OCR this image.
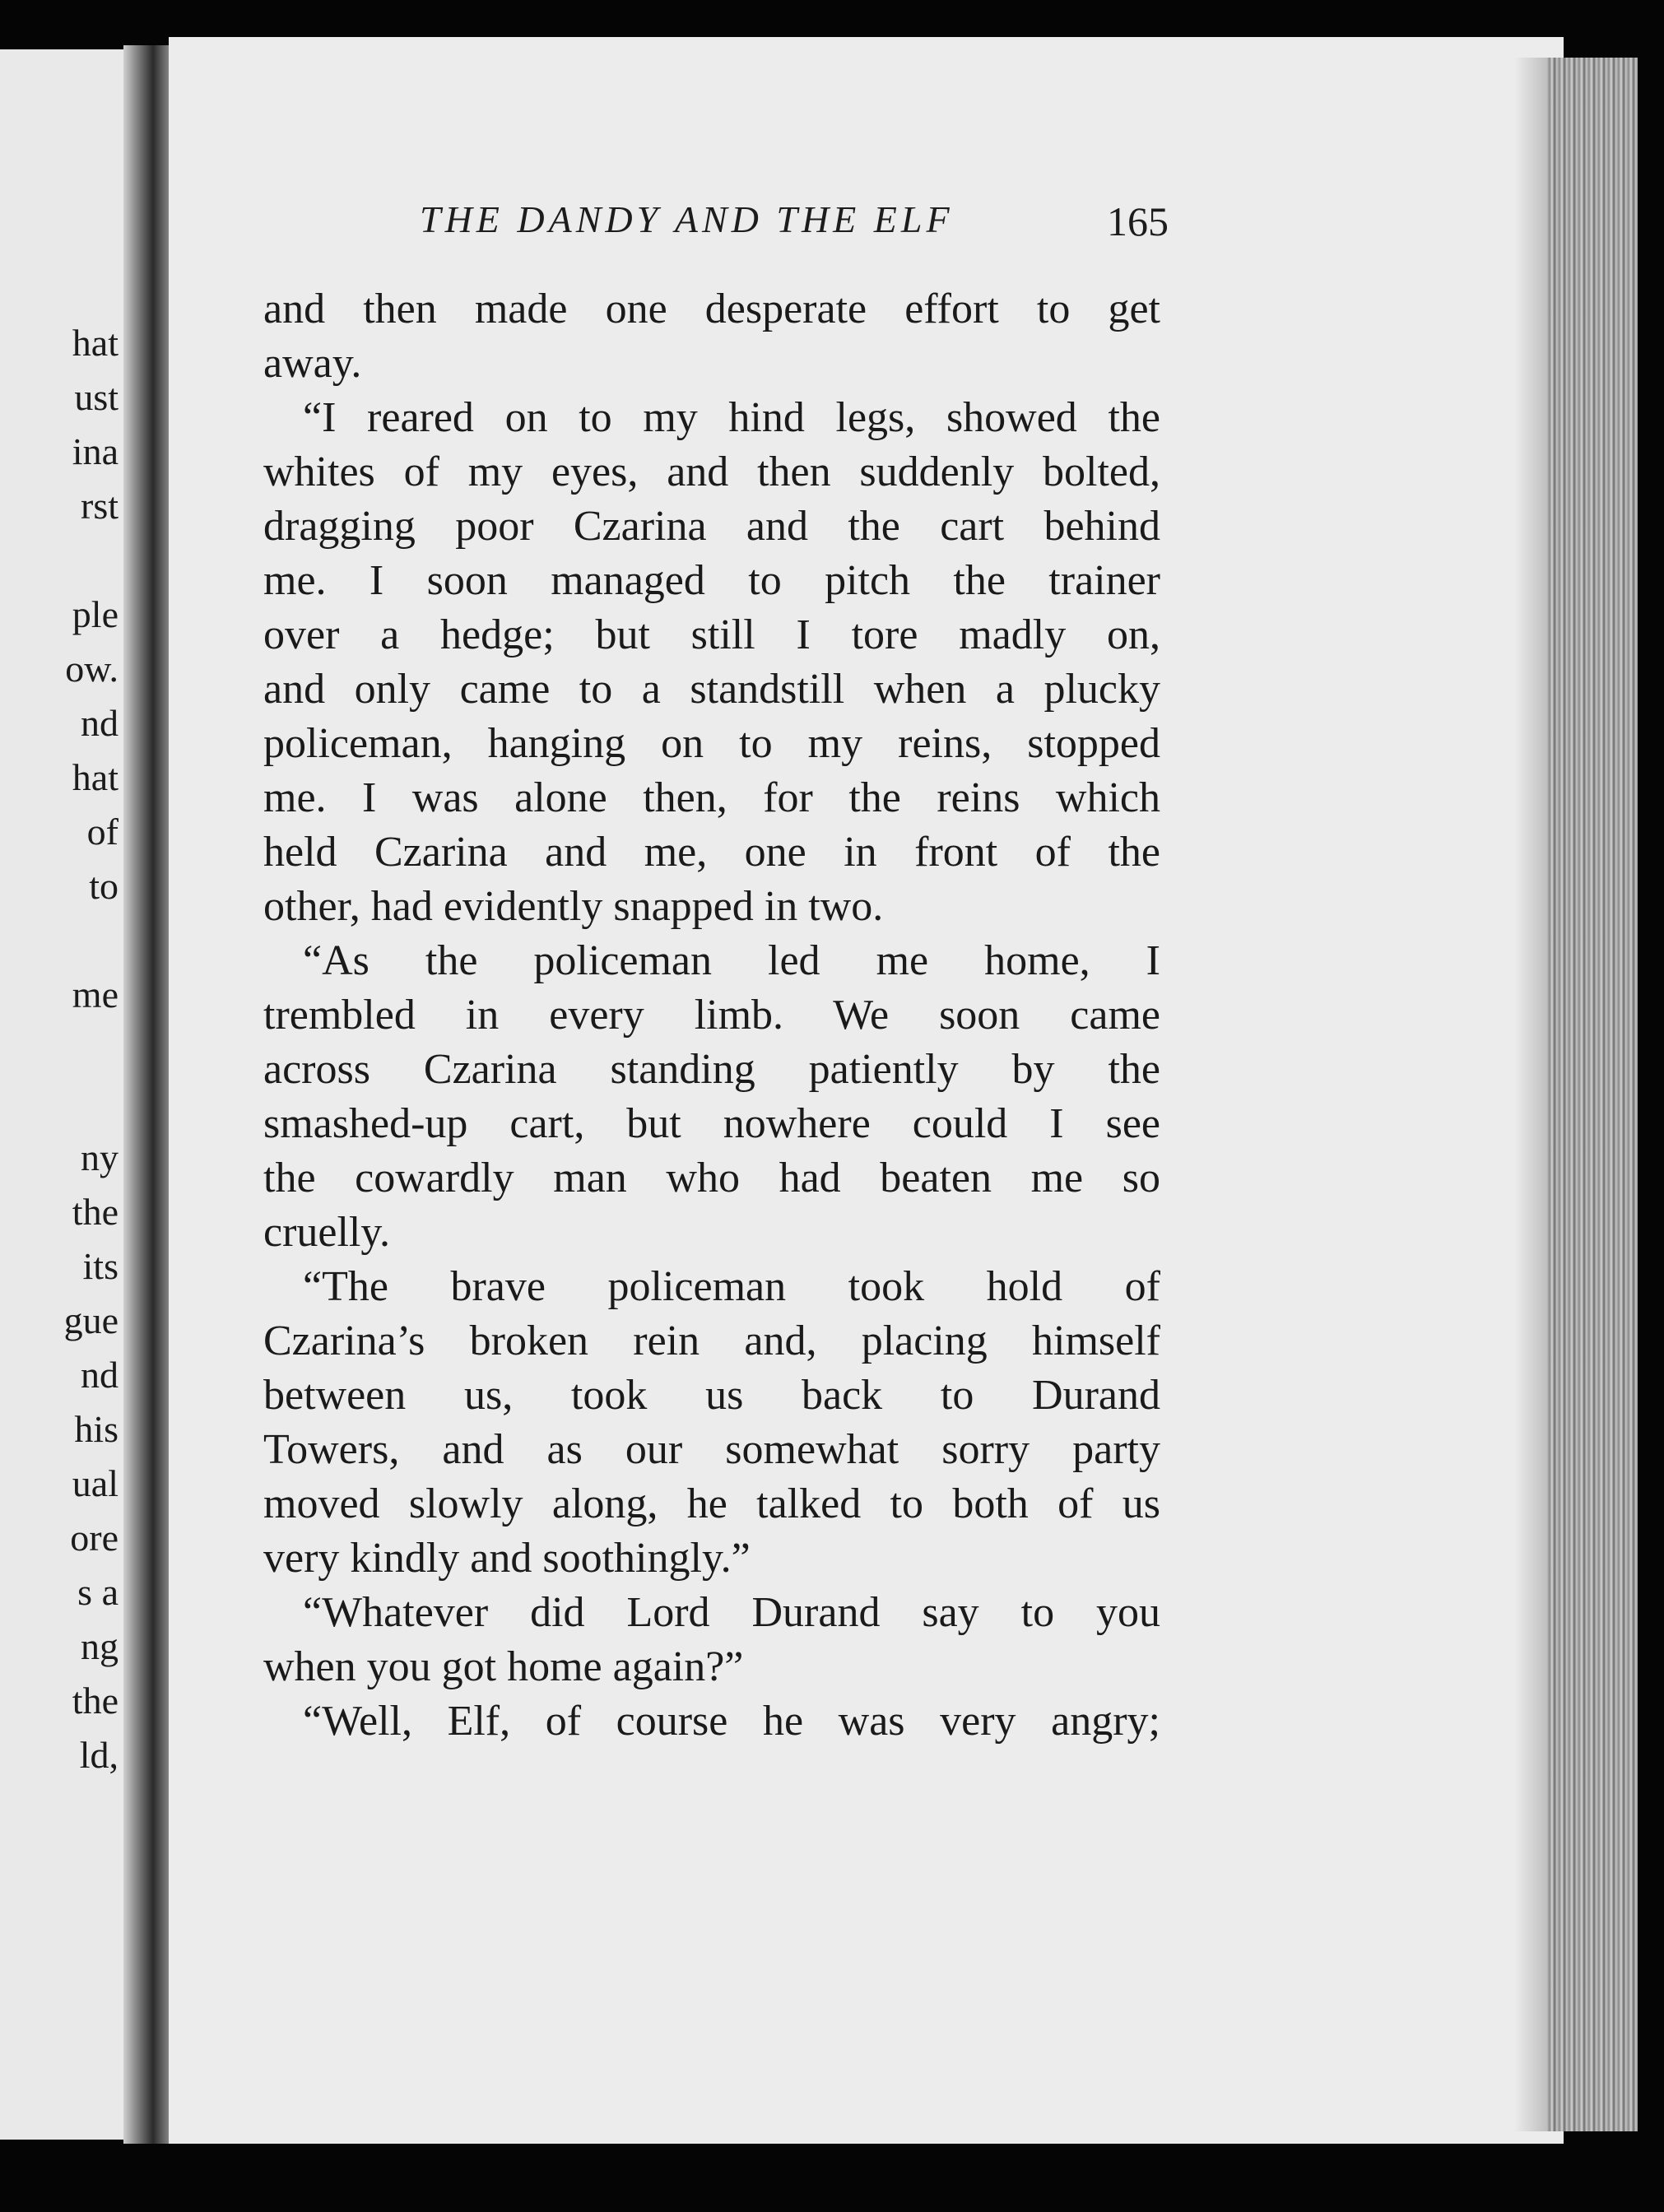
hat
ust
ina
rst
ple
ow.
nd
hat
of
to
me
ny
the
its
gue
nd
his
ual
ore
s a
ng
the
ld,
THE DANDY AND THE ELF	165
and then made one desperate effort to get
away.
“I reared on to my hind legs, showed the
whites of my eyes, and then suddenly bolted,
dragging poor Czarina and the cart behind
me. I soon managed to pitch the trainer
over a hedge; but still I tore madly on,
and only came to a standstill when a plucky
policeman, hanging on to my reins, stopped
me. I was alone then, for the reins which
held Czarina and me, one in front of the
other, had evidently snapped in two.
“As the policeman led me home, I
trembled in every limb. We soon came
across Czarina standing patiently by the
smashed-up cart, but nowhere could I see
the cowardly man who had beaten me so
cruelly.
“The brave policeman took hold of
Czarina’s broken rein and, placing himself
between us, took us back to Durand
Towers, and as our somewhat sorry party
moved slowly along, he talked to both of us
very kindly and soothingly.”
“Whatever did Lord Durand say to you
when you got home again?”
“Well, Elf, of course he was very angry;
